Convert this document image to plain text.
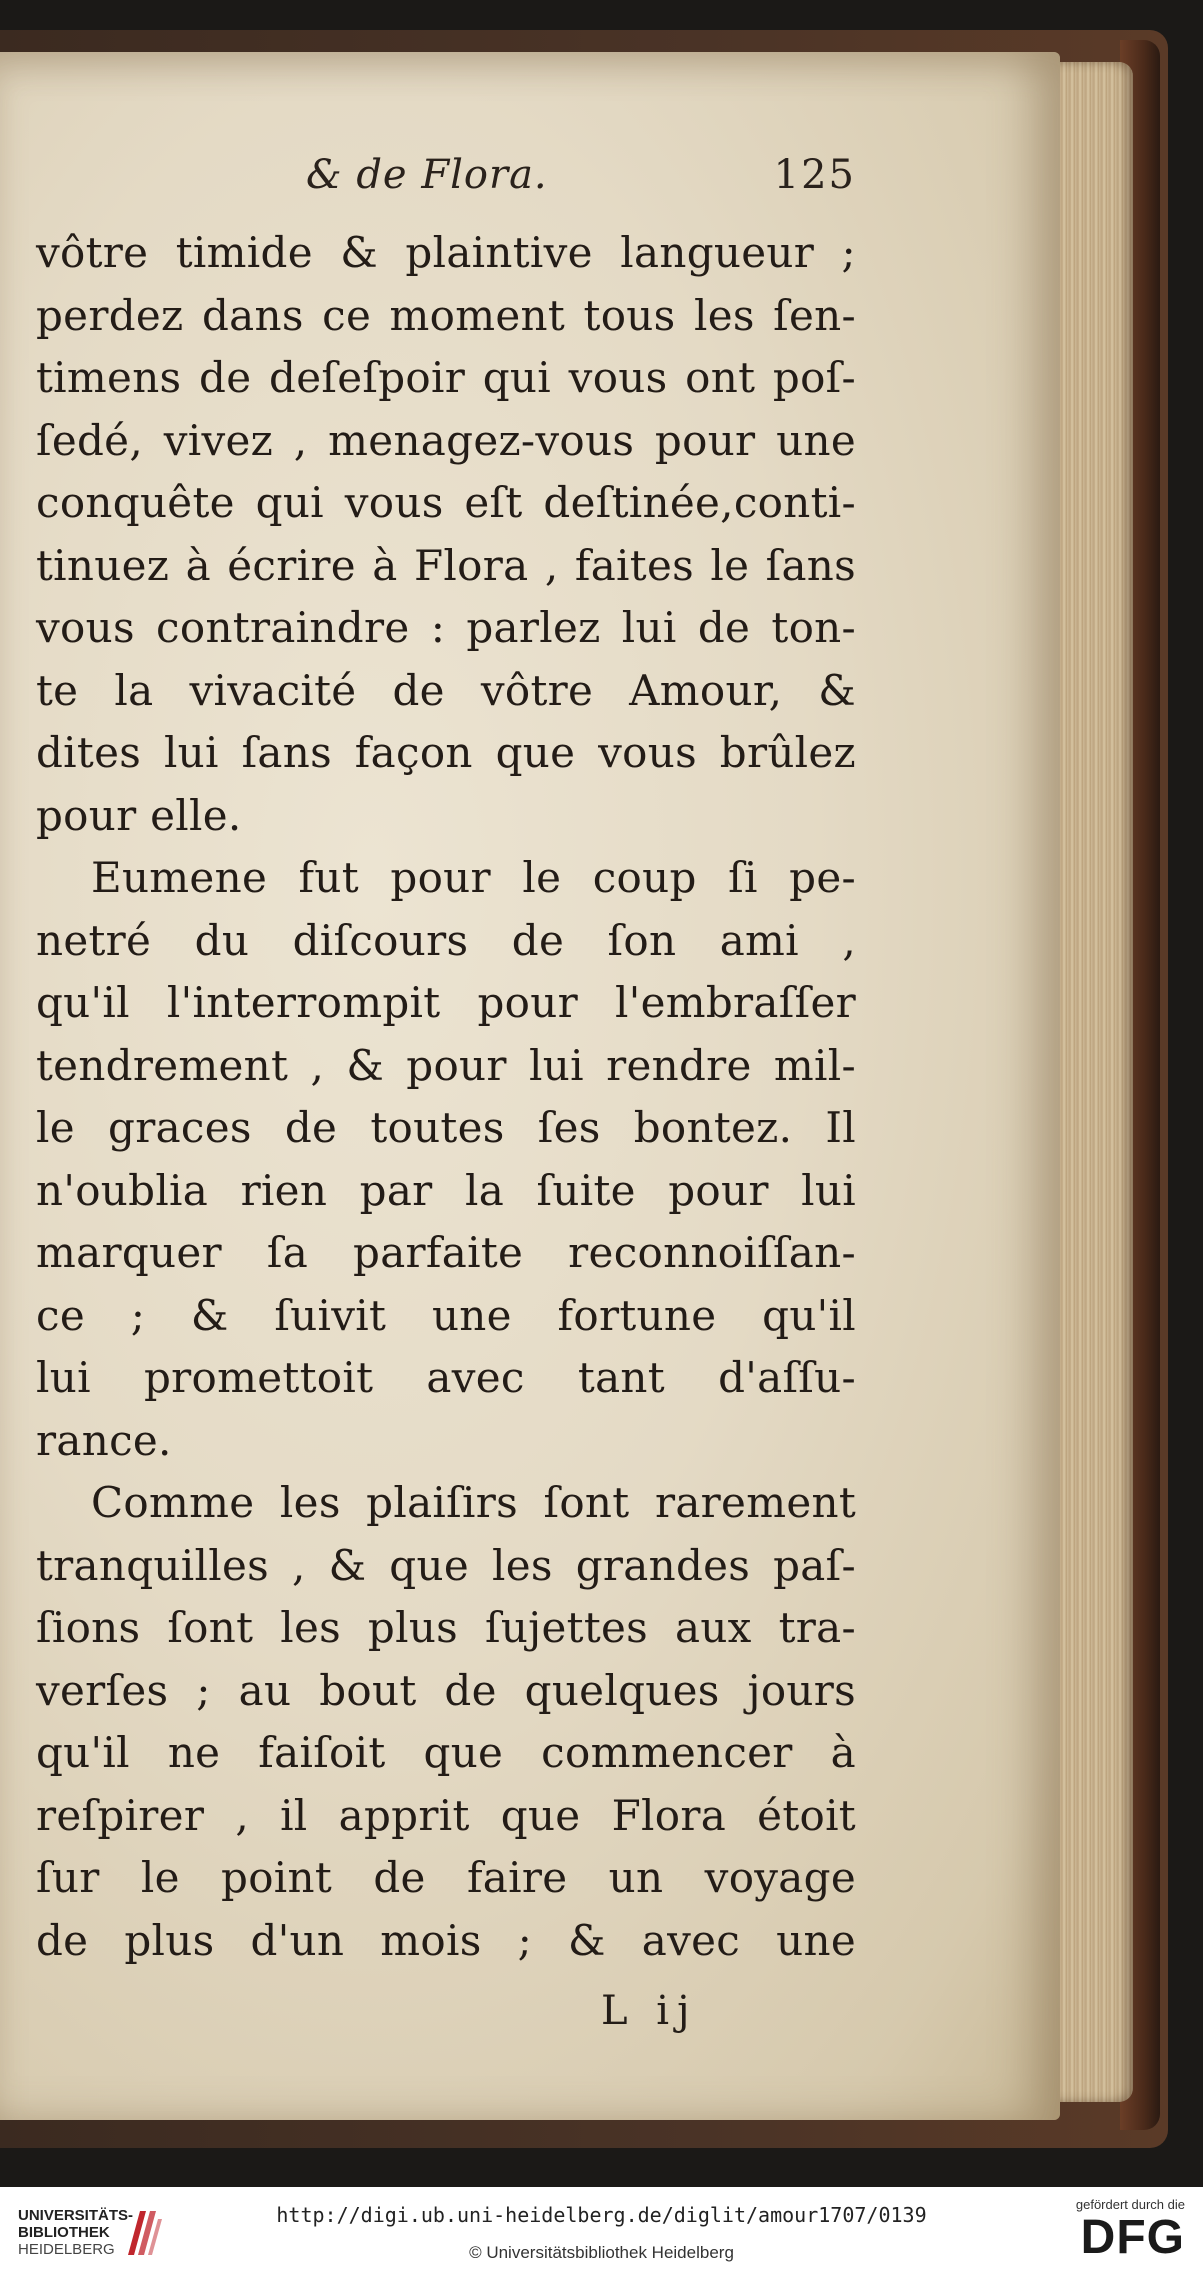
& de Flora.	125
vôtre timide & plaintive langueur ;
perdez dans ce moment tous les ſen-
timens de deſeſpoir qui vous ont poſ-
ſedé, vivez , menagez-vous pour une
conquête qui vous eſt deſtinée,conti-
tinuez à écrire à Flora , faites le ſans
vous contraindre : parlez lui de ton-
te la vivacité de vôtre Amour, &
dites lui ſans façon que vous brûlez
pour elle.
Eumene fut pour le coup ſi pe-
netré du diſcours de ſon ami ,
qu'il l'interrompit pour l'embraſſer
tendrement , & pour lui rendre mil-
le graces de toutes ſes bontez. Il
n'oublia rien par la ſuite pour lui
marquer ſa parfaite reconnoiſſan-
ce ; & ſuivit une fortune qu'il
lui promettoit avec tant d'aſſu-
rance.
Comme les plaiſirs ſont rarement
tranquilles , & que les grandes paſ-
ſions ſont les plus ſujettes aux tra-
verſes ; au bout de quelques jours
qu'il ne faiſoit que commencer à
reſpirer , il apprit que Flora étoit
ſur le point de faire un voyage
de plus d'un mois ; & avec une
L ij
UNIVERSITÄTS-
BIBLIOTHEK
HEIDELBERG
http://digi.ub.uni-heidelberg.de/diglit/amour1707/0139
© Universitätsbibliothek Heidelberg
gefördert durch die
DFG
